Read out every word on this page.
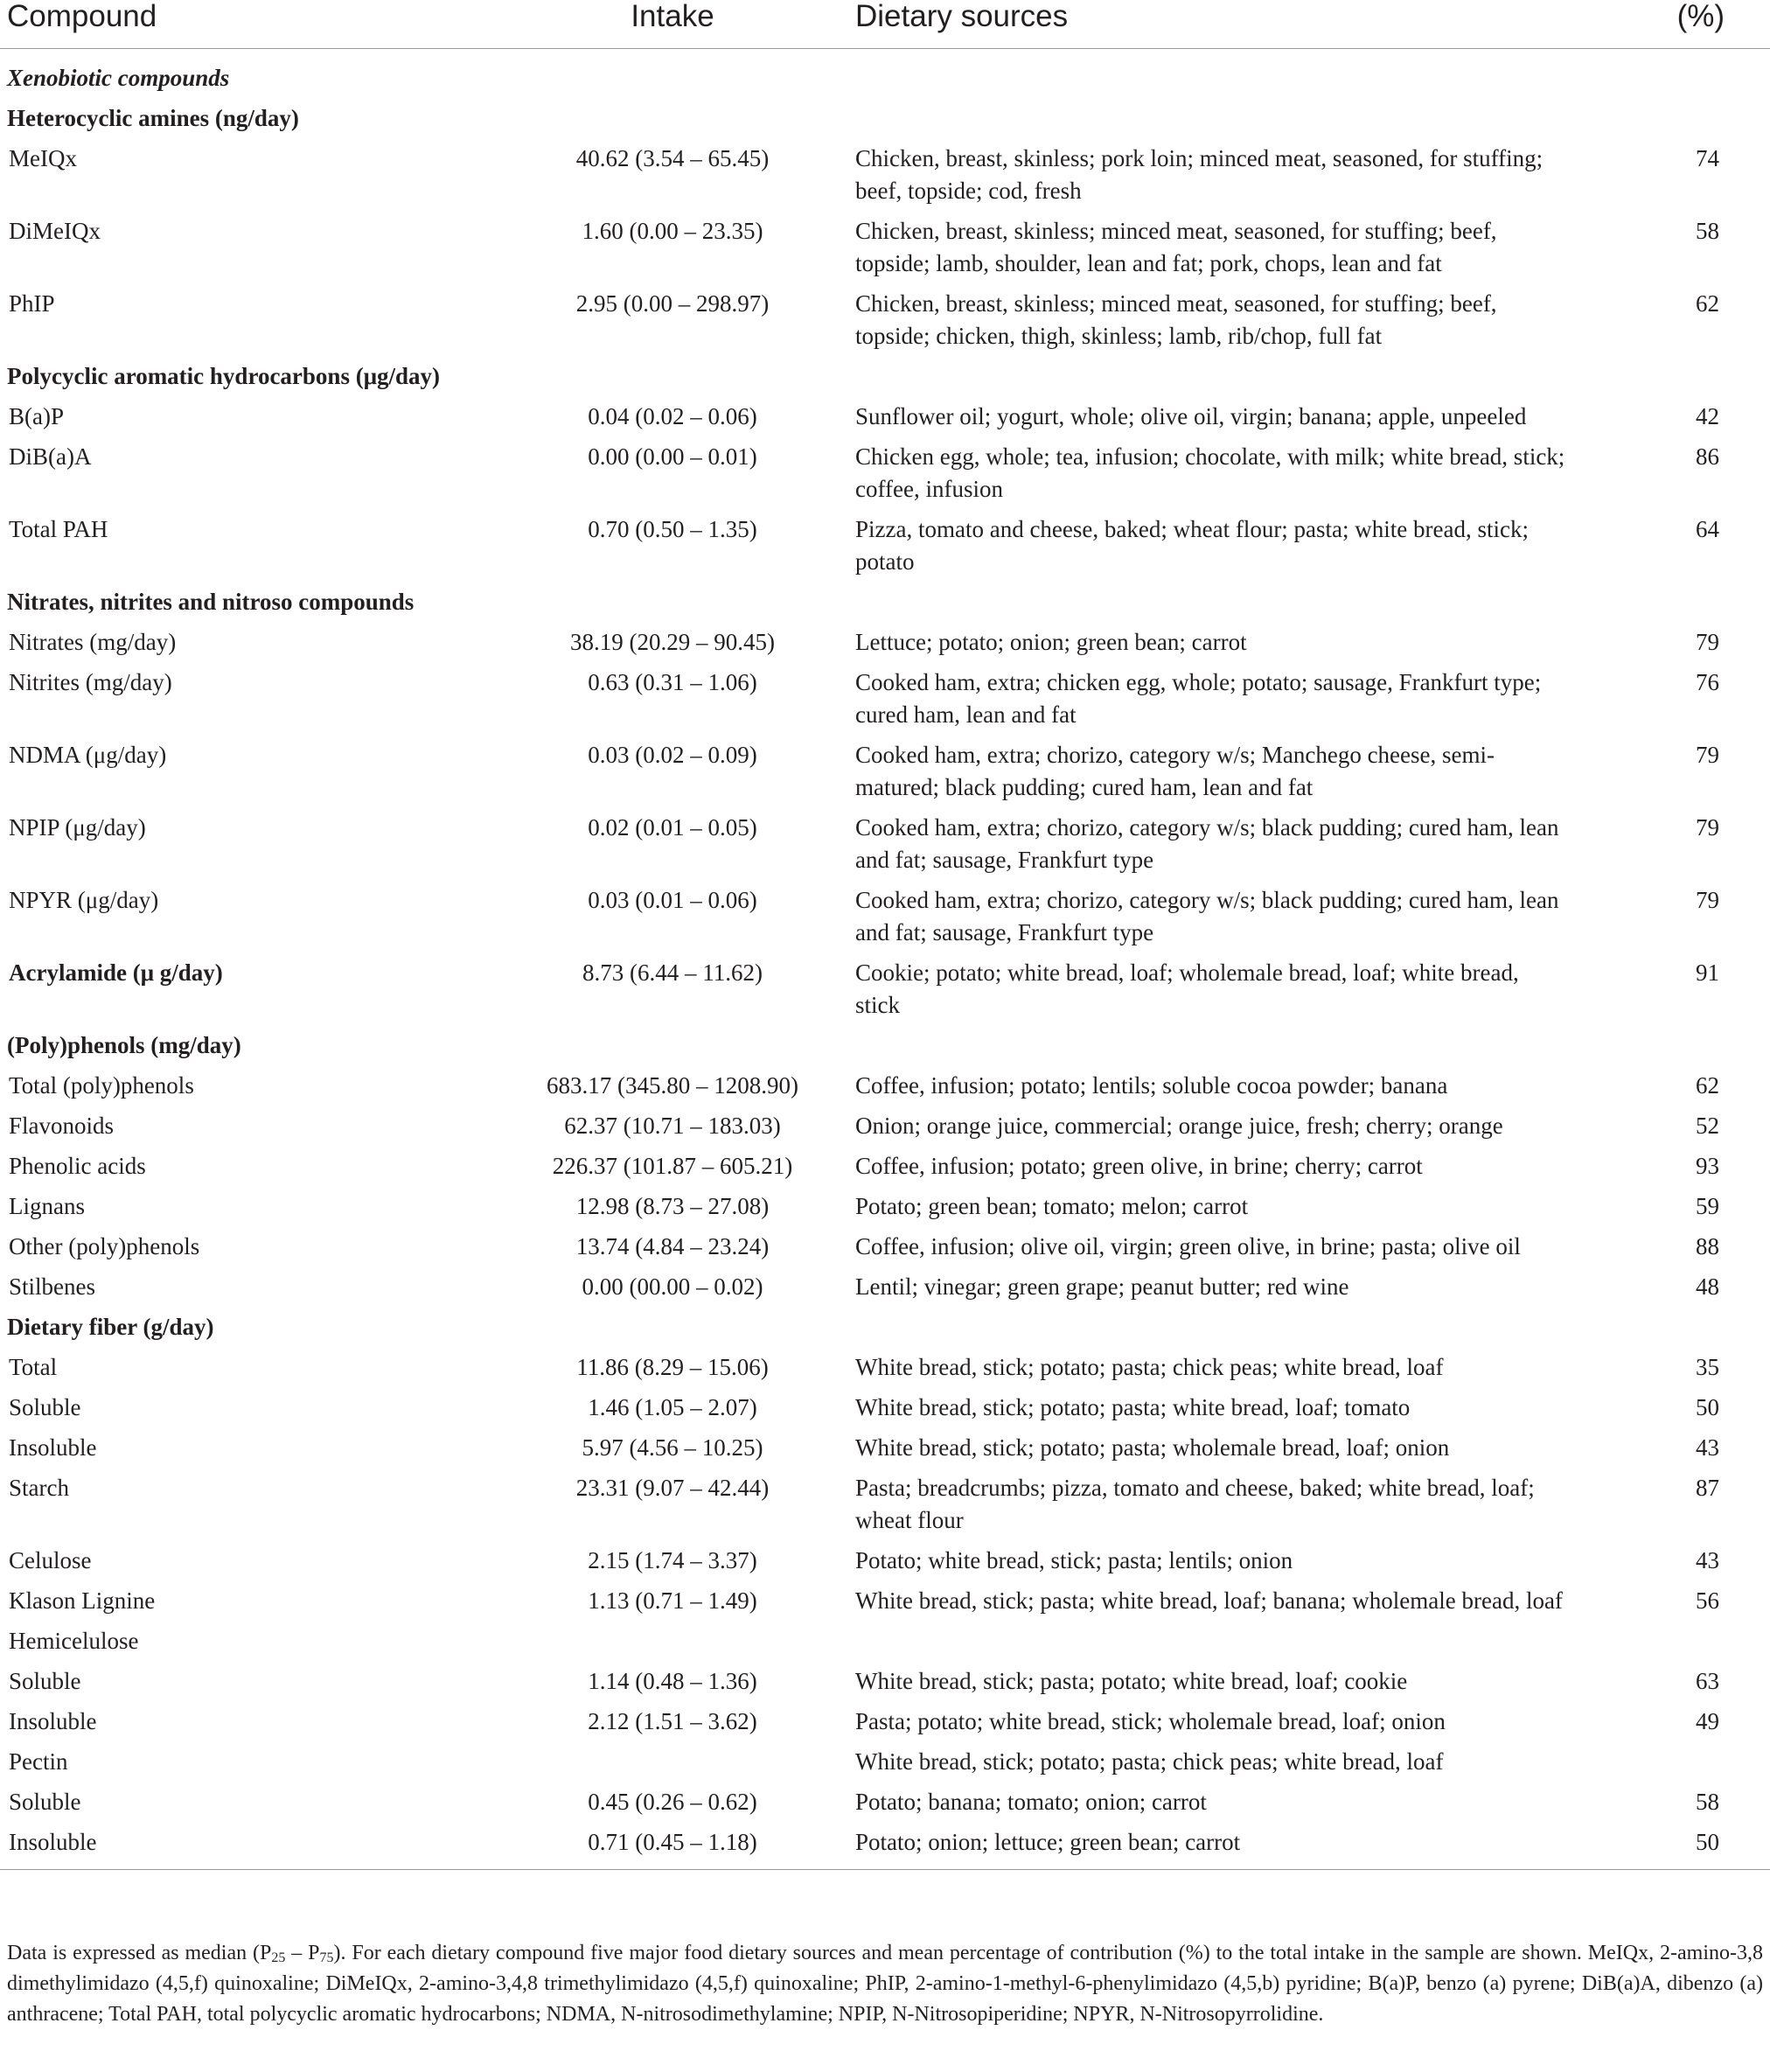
Compound	Intake	Dietary sources	(%)
Xenobiotic compounds			
Heterocyclic amines (ng/day)			
MeIQx	40.62 (3.54 – 65.45)	Chicken, breast, skinless; pork loin; minced meat, seasoned, for stuffing; beef, topside; cod, fresh	74
DiMeIQx	1.60 (0.00 – 23.35)	Chicken, breast, skinless; minced meat, seasoned, for stuffing; beef, topside; lamb, shoulder, lean and fat; pork, chops, lean and fat	58
PhIP	2.95 (0.00 – 298.97)	Chicken, breast, skinless; minced meat, seasoned, for stuffing; beef, topside; chicken, thigh, skinless; lamb, rib/chop, full fat	62
Polycyclic aromatic hydrocarbons (μg/day)			
B(a)P	0.04 (0.02 – 0.06)	Sunflower oil; yogurt, whole; olive oil, virgin; banana; apple, unpeeled	42
DiB(a)A	0.00 (0.00 – 0.01)	Chicken egg, whole; tea, infusion; chocolate, with milk; white bread, stick; coffee, infusion	86
Total PAH	0.70 (0.50 – 1.35)	Pizza, tomato and cheese, baked; wheat flour; pasta; white bread, stick; potato	64
Nitrates, nitrites and nitroso compounds			
Nitrates (mg/day)	38.19 (20.29 – 90.45)	Lettuce; potato; onion; green bean; carrot	79
Nitrites (mg/day)	0.63 (0.31 – 1.06)	Cooked ham, extra; chicken egg, whole; potato; sausage, Frankfurt type; cured ham, lean and fat	76
NDMA (μg/day)	0.03 (0.02 – 0.09)	Cooked ham, extra; chorizo, category w/s; Manchego cheese, semi-matured; black pudding; cured ham, lean and fat	79
NPIP (μg/day)	0.02 (0.01 – 0.05)	Cooked ham, extra; chorizo, category w/s; black pudding; cured ham, lean and fat; sausage, Frankfurt type	79
NPYR (μg/day)	0.03 (0.01 – 0.06)	Cooked ham, extra; chorizo, category w/s; black pudding; cured ham, lean and fat; sausage, Frankfurt type	79
Acrylamide (μ g/day)	8.73 (6.44 – 11.62)	Cookie; potato; white bread, loaf; wholemale bread, loaf; white bread, stick	91
(Poly)phenols (mg/day)			
Total (poly)phenols	683.17 (345.80 – 1208.90)	Coffee, infusion; potato; lentils; soluble cocoa powder; banana	62
Flavonoids	62.37 (10.71 – 183.03)	Onion; orange juice, commercial; orange juice, fresh; cherry; orange	52
Phenolic acids	226.37 (101.87 – 605.21)	Coffee, infusion; potato; green olive, in brine; cherry; carrot	93
Lignans	12.98 (8.73 – 27.08)	Potato; green bean; tomato; melon; carrot	59
Other (poly)phenols	13.74 (4.84 – 23.24)	Coffee, infusion; olive oil, virgin; green olive, in brine; pasta; olive oil	88
Stilbenes	0.00 (00.00 – 0.02)	Lentil; vinegar; green grape; peanut butter; red wine	48
Dietary fiber (g/day)			
Total	11.86 (8.29 – 15.06)	White bread, stick; potato; pasta; chick peas; white bread, loaf	35
Soluble	1.46 (1.05 – 2.07)	White bread, stick; potato; pasta; white bread, loaf; tomato	50
Insoluble	5.97 (4.56 – 10.25)	White bread, stick; potato; pasta; wholemale bread, loaf; onion	43
Starch	23.31 (9.07 – 42.44)	Pasta; breadcrumbs; pizza, tomato and cheese, baked; white bread, loaf; wheat flour	87
Celulose	2.15 (1.74 – 3.37)	Potato; white bread, stick; pasta; lentils; onion	43
Klason Lignine	1.13 (0.71 – 1.49)	White bread, stick; pasta; white bread, loaf; banana; wholemale bread, loaf	56
Hemicelulose			
Soluble	1.14 (0.48 – 1.36)	White bread, stick; pasta; potato; white bread, loaf; cookie	63
Insoluble	2.12 (1.51 – 3.62)	Pasta; potato; white bread, stick; wholemale bread, loaf; onion	49
Pectin		White bread, stick; potato; pasta; chick peas; white bread, loaf	
Soluble	0.45 (0.26 – 0.62)	Potato; banana; tomato; onion; carrot	58
Insoluble	0.71 (0.45 – 1.18)	Potato; onion; lettuce; green bean; carrot	50
Data is expressed as median $(P_{25} - P_{75})$. For each dietary compound five major food dietary sources and mean percentage of contribution (%) to the total intake in the sample are shown. MeIQx, 2-amino-3,8 dimethylimidazo (4,5,f) quinoxaline; DiMeIQx, 2-amino-3,4,8 trimethylimidazo (4,5,f) quinoxaline; PhIP, 2-amino-1-methyl-6-phenylimidazo (4,5,b) pyridine; B(a)P, benzo (a) pyrene; DiB(a)A, dibenzo (a) anthracene; Total PAH, total polycyclic aromatic hydrocarbons; NDMA, N-nitrosodimethylamine; NPIP, N-Nitrosopiperidine; NPYR, N-Nitrosopyrrolidine.
